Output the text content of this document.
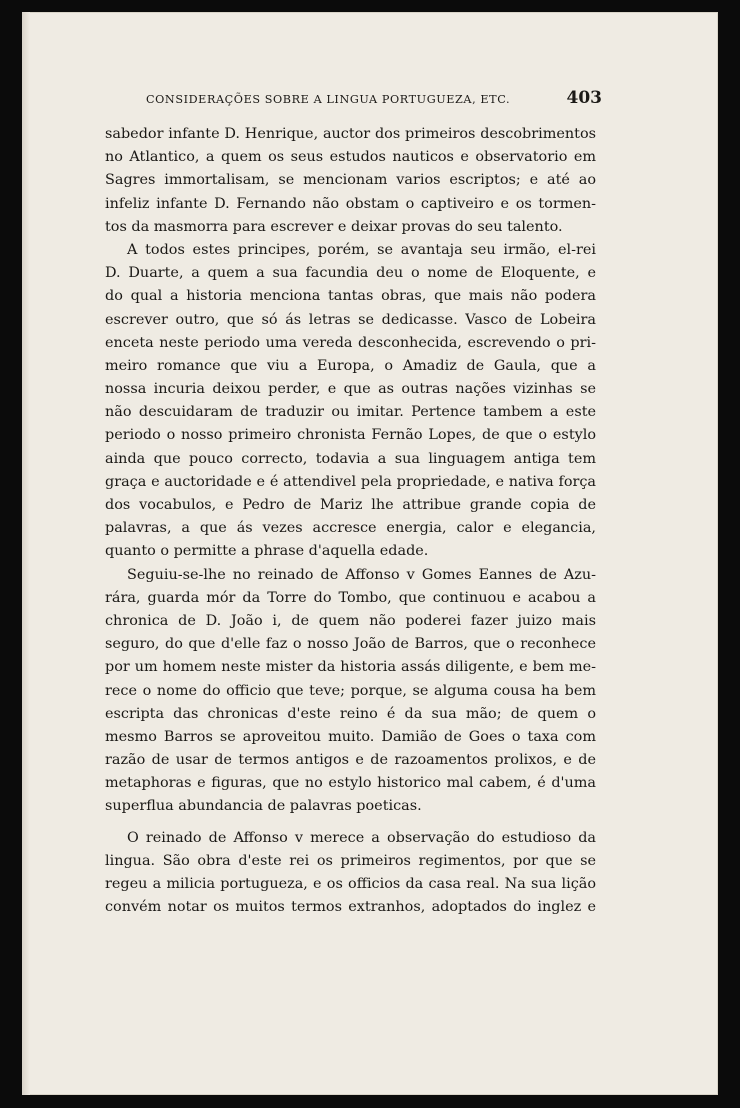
CONSIDERAÇÕES SOBRE A LINGUA PORTUGUEZA, ETC.	403
sabedor infante D. Henrique, auctor dos primeiros descobrimentos
no Atlantico, a quem os seus estudos nauticos e observatorio em
Sagres immortalisam, se mencionam varios escriptos; e até ao
infeliz infante D. Fernando não obstam o captiveiro e os tormen-
tos da masmorra para escrever e deixar provas do seu talento.
A todos estes principes, porém, se avantaja seu irmão, el-rei
D. Duarte, a quem a sua facundia deu o nome de Eloquente, e
do qual a historia menciona tantas obras, que mais não podera
escrever outro, que só ás letras se dedicasse. Vasco de Lobeira
enceta neste periodo uma vereda desconhecida, escrevendo o pri-
meiro romance que viu a Europa, o Amadiz de Gaula, que a
nossa incuria deixou perder, e que as outras nações vizinhas se
não descuidaram de traduzir ou imitar. Pertence tambem a este
periodo o nosso primeiro chronista Fernão Lopes, de que o estylo
ainda que pouco correcto, todavia a sua linguagem antiga tem
graça e auctoridade e é attendivel pela propriedade, e nativa força
dos vocabulos, e Pedro de Mariz lhe attribue grande copia de
palavras, a que ás vezes accresce energia, calor e elegancia,
quanto o permitte a phrase d'aquella edade.
Seguiu-se-lhe no reinado de Affonso v Gomes Eannes de Azu-
rára, guarda mór da Torre do Tombo, que continuou e acabou a
chronica de D. João i, de quem não poderei fazer juizo mais
seguro, do que d'elle faz o nosso João de Barros, que o reconhece
por um homem neste mister da historia assás diligente, e bem me-
rece o nome do officio que teve; porque, se alguma cousa ha bem
escripta das chronicas d'este reino é da sua mão; de quem o
mesmo Barros se aproveitou muito. Damião de Goes o taxa com
razão de usar de termos antigos e de razoamentos prolixos, e de
metaphoras e figuras, que no estylo historico mal cabem, é d'uma
superflua abundancia de palavras poeticas.
O reinado de Affonso v merece a observação do estudioso da
lingua. São obra d'este rei os primeiros regimentos, por que se
regeu a milicia portugueza, e os officios da casa real. Na sua lição
convém notar os muitos termos extranhos, adoptados do inglez e
